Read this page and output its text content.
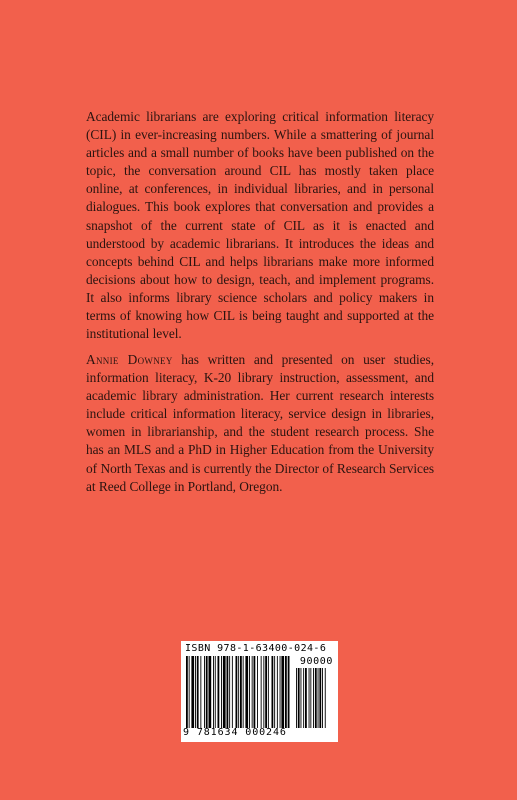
Academic librarians are exploring critical information literacy (CIL) in ever-increasing numbers. While a smattering of journal articles and a small number of books have been published on the topic, the conversation around CIL has mostly taken place online, at conferences, in individual libraries, and in personal dialogues. This book explores that conversation and provides a snapshot of the current state of CIL as it is enacted and understood by academic librarians. It introduces the ideas and concepts behind CIL and helps librarians make more informed decisions about how to design, teach, and implement programs. It also informs library science scholars and policy makers in terms of knowing how CIL is being taught and supported at the institutional level.

Annie Downey has written and presented on user studies, information literacy, K-20 library instruction, assessment, and academic library administration. Her current research interests include critical information literacy, service design in libraries, women in librarianship, and the student research process. She has an MLS and a PhD in Higher Education from the University of North Texas and is currently the Director of Research Services at Reed College in Portland, Oregon.

ISBN 978-1-63400-024-6
90000
9 781634 000246
